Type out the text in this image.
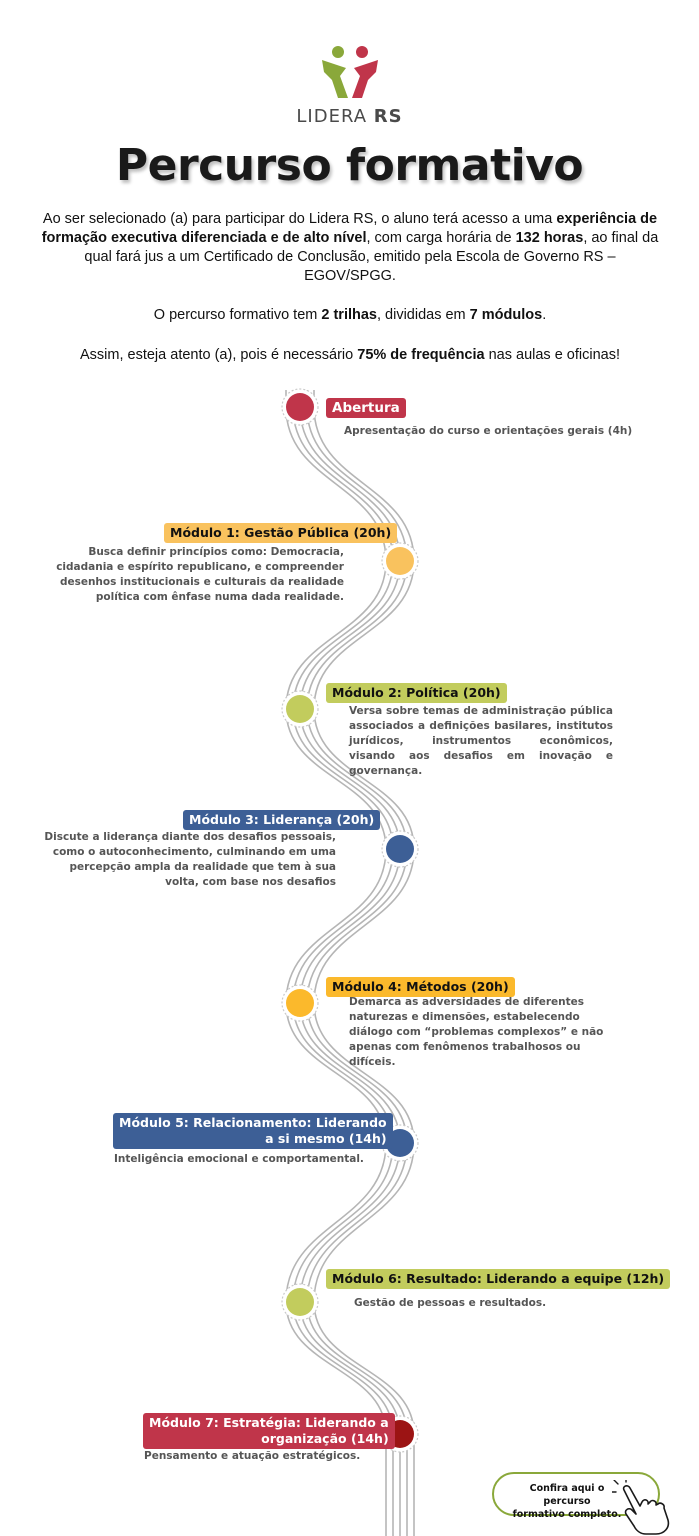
LIDERA RS
Percurso formativo
Ao ser selecionado (a) para participar do Lidera RS, o aluno terá acesso a uma experiência de formação executiva diferenciada e de alto nível, com carga horária de 132 horas, ao final da qual fará jus a um Certificado de Conclusão, emitido pela Escola de Governo RS –
EGOV/SPGG.
O percurso formativo tem 2 trilhas, divididas em 7 módulos.
Assim, esteja atento (a), pois é necessário 75% de frequência nas aulas e oficinas!
Abertura
Apresentação do curso e orientações gerais (4h)
Módulo 1: Gestão Pública (20h)
Busca definir princípios como: Democracia, cidadania e espírito republicano, e compreender desenhos institucionais e culturais da realidade política com ênfase numa dada realidade.
Módulo 2: Política (20h)
Versa sobre temas de administração pública associados a definições basilares, institutos jurídicos, instrumentos econômicos, visando aos desafios em inovação e governança.
Módulo 3: Liderança (20h)
Discute a liderança diante dos desafios pessoais, como o autoconhecimento, culminando em uma percepção ampla da realidade que tem à sua volta, com base nos desafios
Módulo 4: Métodos (20h)
Demarca as adversidades de diferentes naturezas e dimensões, estabelecendo diálogo com “problemas complexos” e não apenas com fenômenos trabalhosos ou difíceis.
Módulo 5: Relacionamento: Liderando
a si mesmo (14h)
Inteligência emocional e comportamental.
Módulo 6: Resultado: Liderando a equipe (12h)
Gestão de pessoas e resultados.
Módulo 7: Estratégia: Liderando a
organização (14h)
Pensamento e atuação estratégicos.
Confira aqui o percurso
formativo completo.
